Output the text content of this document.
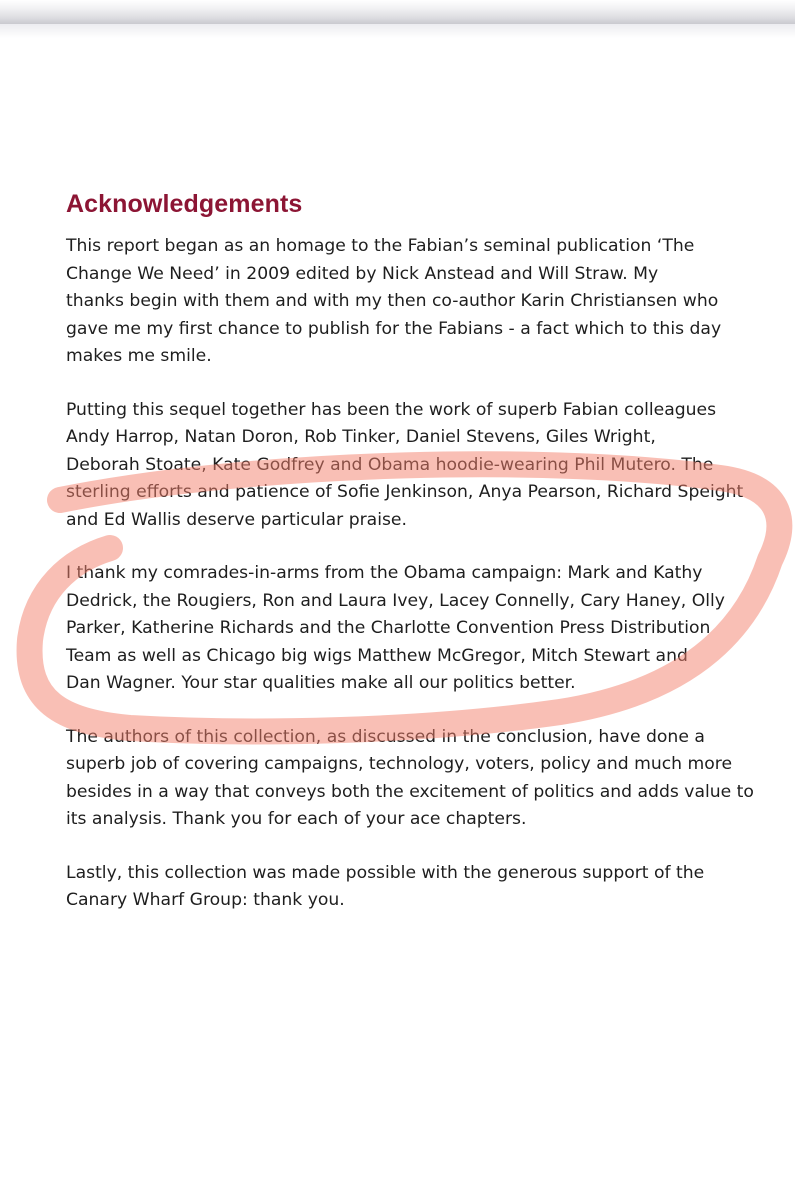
Acknowledgements

This report began as an homage to the Fabian’s seminal publication ‘The
Change We Need’ in 2009 edited by Nick Anstead and Will Straw. My
thanks begin with them and with my then co-author Karin Christiansen who
gave me my first chance to publish for the Fabians - a fact which to this day
makes me smile.

Putting this sequel together has been the work of superb Fabian colleagues
Andy Harrop, Natan Doron, Rob Tinker, Daniel Stevens, Giles Wright,
Deborah Stoate, Kate Godfrey and Obama hoodie-wearing Phil Mutero. The
sterling efforts and patience of Sofie Jenkinson, Anya Pearson, Richard Speight
and Ed Wallis deserve particular praise.

I thank my comrades-in-arms from the Obama campaign: Mark and Kathy
Dedrick, the Rougiers, Ron and Laura Ivey, Lacey Connelly, Cary Haney, Olly
Parker, Katherine Richards and the Charlotte Convention Press Distribution
Team as well as Chicago big wigs Matthew McGregor, Mitch Stewart and
Dan Wagner. Your star qualities make all our politics better.

The authors of this collection, as discussed in the conclusion, have done a
superb job of covering campaigns, technology, voters, policy and much more
besides in a way that conveys both the excitement of politics and adds value to
its analysis. Thank you for each of your ace chapters.

Lastly, this collection was made possible with the generous support of the
Canary Wharf Group: thank you.
